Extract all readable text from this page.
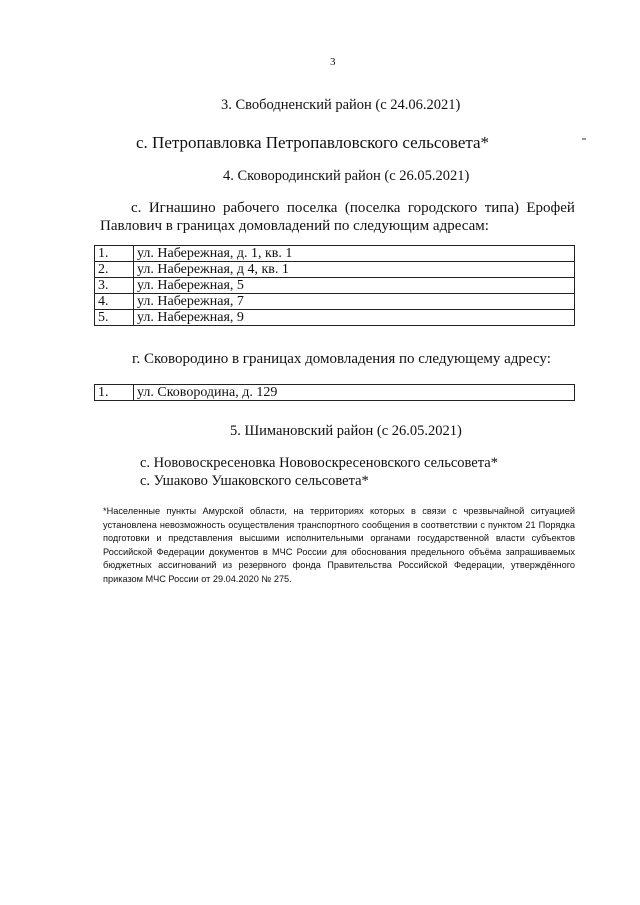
3
3. Свободненский район (с 24.06.2021)
с. Петропавловка Петропавловского сельсовета*
4. Сковородинский район (с 26.05.2021)
с. Игнашино рабочего поселка (поселка городского типа) Ерофей
Павлович в границах домовладений по следующим адресам:
1.	ул. Набережная, д. 1, кв. 1
2.	ул. Набережная, д 4, кв. 1
3.	ул. Набережная, 5
4.	ул. Набережная, 7
5.	ул. Набережная, 9
г. Сковородино в границах домовладения по следующему адресу:
1.	ул. Сковородина, д. 129
5. Шимановский район (с 26.05.2021)
с. Нововоскресеновка Нововоскресеновского сельсовета*
с. Ушаково Ушаковского сельсовета*
*Населенные пункты Амурской области, на территориях которых в связи с чрезвычайной ситуацией установлена невозможность осуществления транспортного сообщения в соответствии с пунктом 21 Порядка подготовки и представления высшими исполнительными органами государственной власти субъектов Российской Федерации документов в МЧС России для обоснования предельного объёма запрашиваемых бюджетных ассигнований из резервного фонда Правительства Российской Федерации, утверждённого приказом МЧС России от 29.04.2020 № 275.
